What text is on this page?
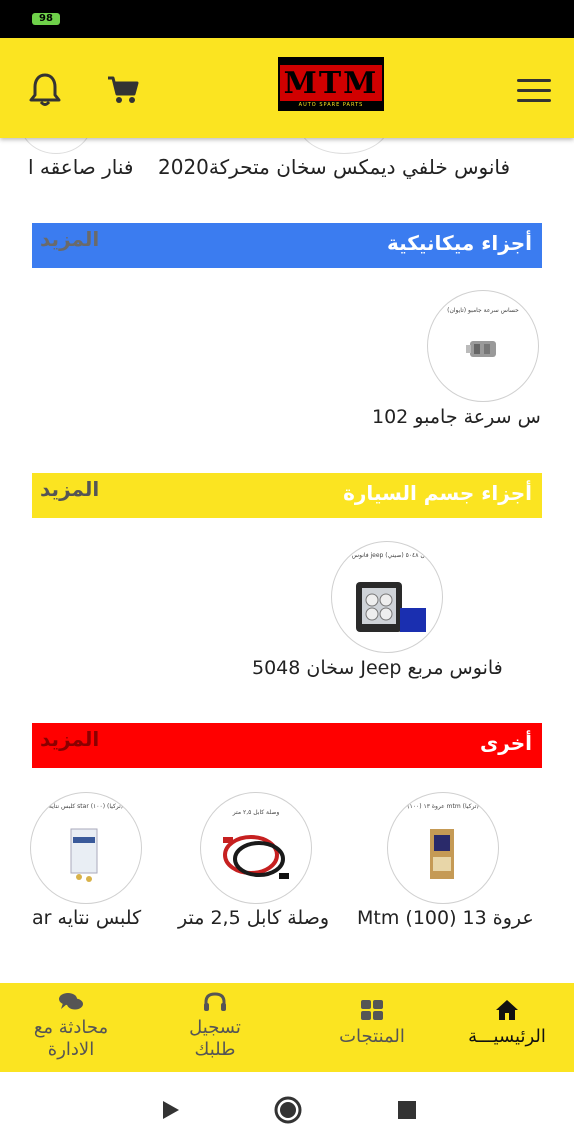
98
MTM
AUTO SPARE PARTS
فانوس خلفي ديمكس سخان متحركة2020
فنار صاعقه ا
أجزاء ميكانيكية
المزيد
حساس سرعة جامبو (تايوان)
س سرعة جامبو 102
أجزاء جسم السيارة
المزيد
فانوس مربع jeep سخان ٥٠٤٨ (صيني)
فانوس مربع Jeep سخان 5048
أخرى
المزيد
عروة ١٣ (١٠٠) mtm (تركيا)
وصلة كابل ٢,٥ متر
كلبس نتايه star (١٠٠) (تركيا)
عروة 13 (100) Mtm
وصلة كابل 2,5 متر
كلبس نتايه ar
الرئيسيـــة
المنتجات
تسجيل
طلبك
محادثة مع
الادارة
